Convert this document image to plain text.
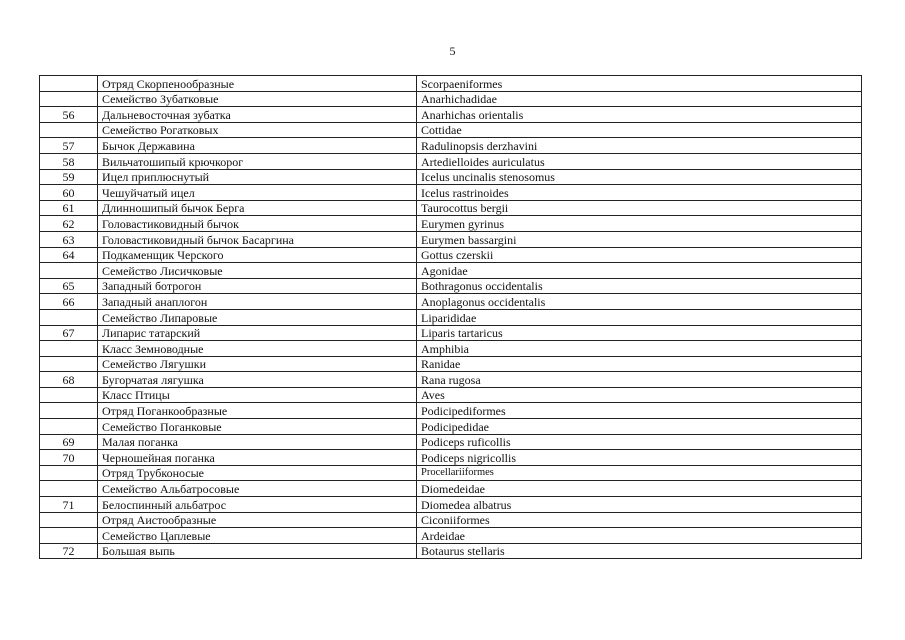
5
	Отряд Скорпенообразные	Scorpaeniformes
	Семейство Зубатковые	Anarhichadidae
56	Дальневосточная зубатка	Anarhichas orientalis
	Семейство Рогатковых	Cottidae
57	Бычок Державина	Radulinopsis derzhavini
58	Вильчатошипый крючкорог	Artedielloides auriculatus
59	Ицел приплюснутый	Icelus uncinalis stenosomus
60	Чешуйчатый ицел	Icelus rastrinoides
61	Длинношипый бычок Берга	Taurocottus bergii
62	Головастиковидный бычок	Eurymen gyrinus
63	Головастиковидный бычок Басаргина	Eurymen bassargini
64	Подкаменщик Черского	Gottus czerskii
	Семейство Лисичковые	Agonidae
65	Западный ботрогон	Bothragonus occidentalis
66	Западный анаплогон	Anoplagonus occidentalis
	Семейство Липаровые	Liparididae
67	Липарис татарский	Liparis tartaricus
	Класс Земноводные	Amphibia
	Семейство Лягушки	Ranidae
68	Бугорчатая лягушка	Rana rugosa
	Класс Птицы	Aves
	Отряд Поганкообразные	Podicipediformes
	Семейство Поганковые	Podicipedidae
69	Малая поганка	Podiceps ruficollis
70	Черношейная поганка	Podiceps nigricollis
	Отряд Трубконосые	Procellariiformes
	Семейство Альбатросовые	Diomedeidae
71	Белоспинный альбатрос	Diomedea albatrus
	Отряд Аистообразные	Ciconiiformes
	Семейство Цаплевые	Ardeidae
72	Большая выпь	Botaurus stellaris
